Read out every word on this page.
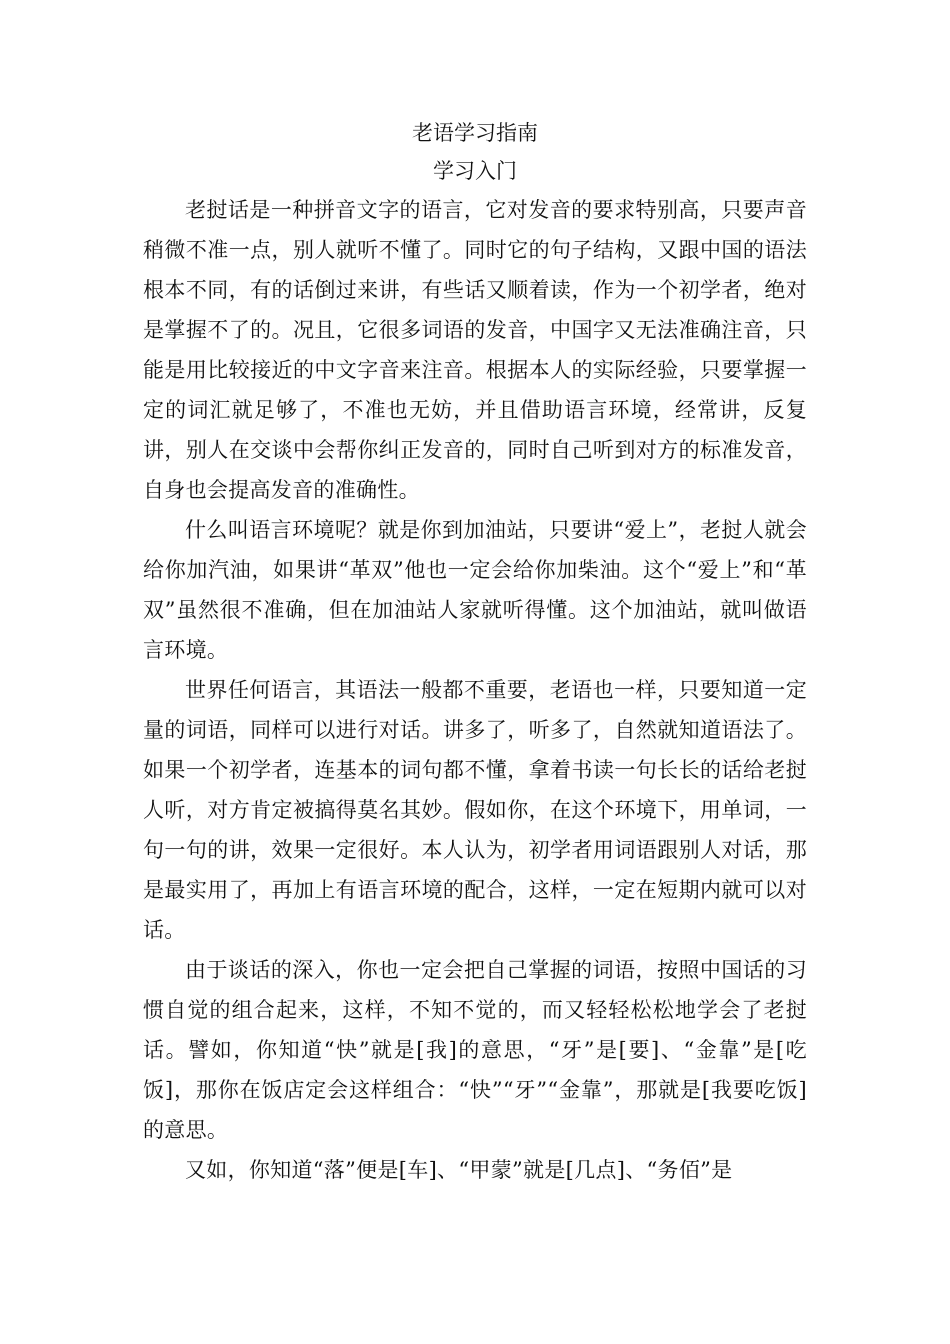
老语学习指南
学习入门

老挝话是一种拼音文字的语言，它对发音的要求特别高，只要声音稍微不准一点，别人就听不懂了。同时它的句子结构，又跟中国的语法根本不同，有的话倒过来讲，有些话又顺着读，作为一个初学者，绝对是掌握不了的。况且，它很多词语的发音，中国字又无法准确注音，只能是用比较接近的中文字音来注音。根据本人的实际经验，只要掌握一定的词汇就足够了，不准也无妨，并且借助语言环境，经常讲，反复讲，别人在交谈中会帮你纠正发音的，同时自己听到对方的标准发音，自身也会提高发音的准确性。

什么叫语言环境呢？就是你到加油站，只要讲“爱上”，老挝人就会给你加汽油，如果讲“革双”他也一定会给你加柴油。这个“爱上”和“革双”虽然很不准确，但在加油站人家就听得懂。这个加油站，就叫做语言环境。

世界任何语言，其语法一般都不重要，老语也一样，只要知道一定量的词语，同样可以进行对话。讲多了，听多了，自然就知道语法了。如果一个初学者，连基本的词句都不懂，拿着书读一句长长的话给老挝人听，对方肯定被搞得莫名其妙。假如你，在这个环境下，用单词，一句一句的讲，效果一定很好。本人认为，初学者用词语跟别人对话，那是最实用了，再加上有语言环境的配合，这样，一定在短期内就可以对话。

由于谈话的深入，你也一定会把自己掌握的词语，按照中国话的习惯自觉的组合起来，这样，不知不觉的，而又轻轻松松地学会了老挝话。譬如，你知道“快”就是[我]的意思，“牙”是[要]、“金靠”是[吃饭]，那你在饭店定会这样组合：“快”“牙”“金靠”，那就是[我要吃饭]的意思。

又如，你知道“落”便是[车]、“甲蒙”就是[几点]、“务佰”是
